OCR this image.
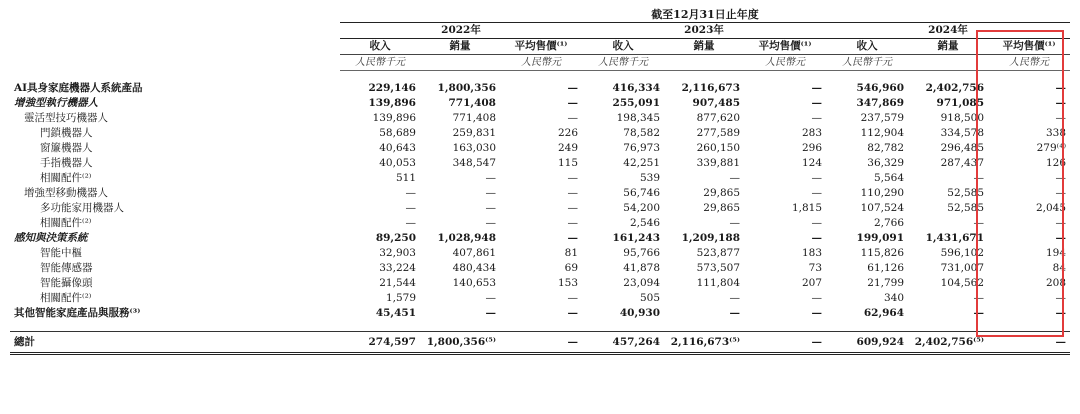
截至12月31日止年度
	2022年			2023年			2024年		
	收入	銷量	平均售價⁽¹⁾	收入	銷量	平均售價⁽¹⁾	收入	銷量	平均售價⁽¹⁾
	人民幣千元		人民幣元	人民幣千元		人民幣元	人民幣千元		人民幣元

AI具身家庭機器人系統產品	229,146	1,800,356	—	416,334	2,116,673	—	546,960	2,402,756	—
增強型執行機器人	139,896	771,408	—	255,091	907,485	—	347,869	971,085	—
靈活型技巧機器人	139,896	771,408	—	198,345	877,620	—	237,579	918,500	—
門鎖機器人	58,689	259,831	226	78,582	277,589	283	112,904	334,578	338
窗簾機器人	40,643	163,030	249	76,973	260,150	296	82,782	296,485	279⁽⁴⁾
手指機器人	40,053	348,547	115	42,251	339,881	124	36,329	287,437	126
相關配件⁽²⁾	511	—	—	539	—	—	5,564	—	—
增強型移動機器人	—	—	—	56,746	29,865	—	110,290	52,585	—
多功能家用機器人	—	—	—	54,200	29,865	1,815	107,524	52,585	2,045
相關配件⁽²⁾	—	—	—	2,546	—	—	2,766	—	—
感知與決策系統	89,250	1,028,948	—	161,243	1,209,188	—	199,091	1,431,671	—
智能中樞	32,903	407,861	81	95,766	523,877	183	115,826	596,102	194
智能傳感器	33,224	480,434	69	41,878	573,507	73	61,126	731,007	84
智能攝像頭	21,544	140,653	153	23,094	111,804	207	21,799	104,562	208
相關配件⁽²⁾	1,579	—	—	505	—	—	340	—	—
其他智能家庭產品與服務⁽³⁾	45,451	—	—	40,930	—	—	62,964	—	—

總計	274,597	1,800,356⁽⁵⁾	—	457,264	2,116,673⁽⁵⁾	—	609,924	2,402,756⁽⁵⁾	—
